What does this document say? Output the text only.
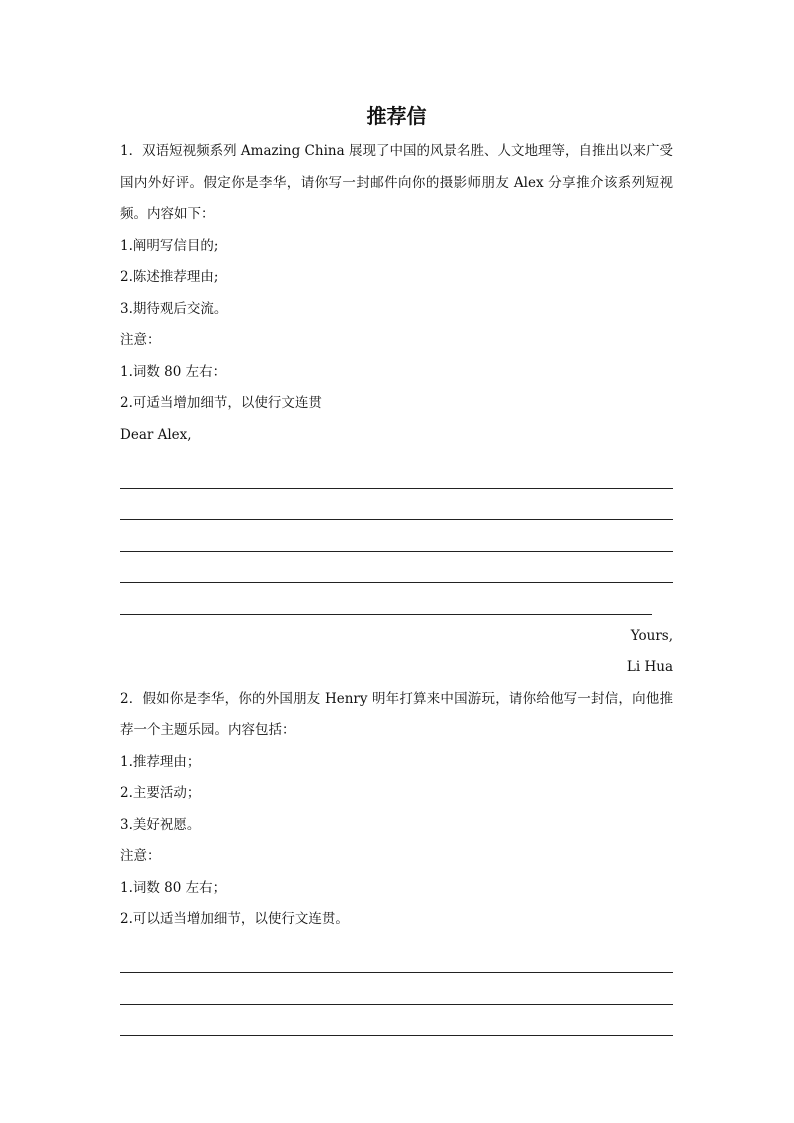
推荐信

1．双语短视频系列 Amazing China 展现了中国的风景名胜、人文地理等，自推出以来广受国内外好评。假定你是李华，请你写一封邮件向你的摄影师朋友 Alex 分享推介该系列短视频。内容如下：

1.阐明写信目的;

2.陈述推荐理由;

3.期待观后交流。

注意：

1.词数 80 左右：

2.可适当增加细节，以使行文连贯

Dear Alex,

Yours,

Li Hua

2．假如你是李华，你的外国朋友 Henry 明年打算来中国游玩，请你给他写一封信，向他推荐一个主题乐园。内容包括：

1.推荐理由；

2.主要活动；

3.美好祝愿。

注意：

1.词数 80 左右；

2.可以适当增加细节，以使行文连贯。
